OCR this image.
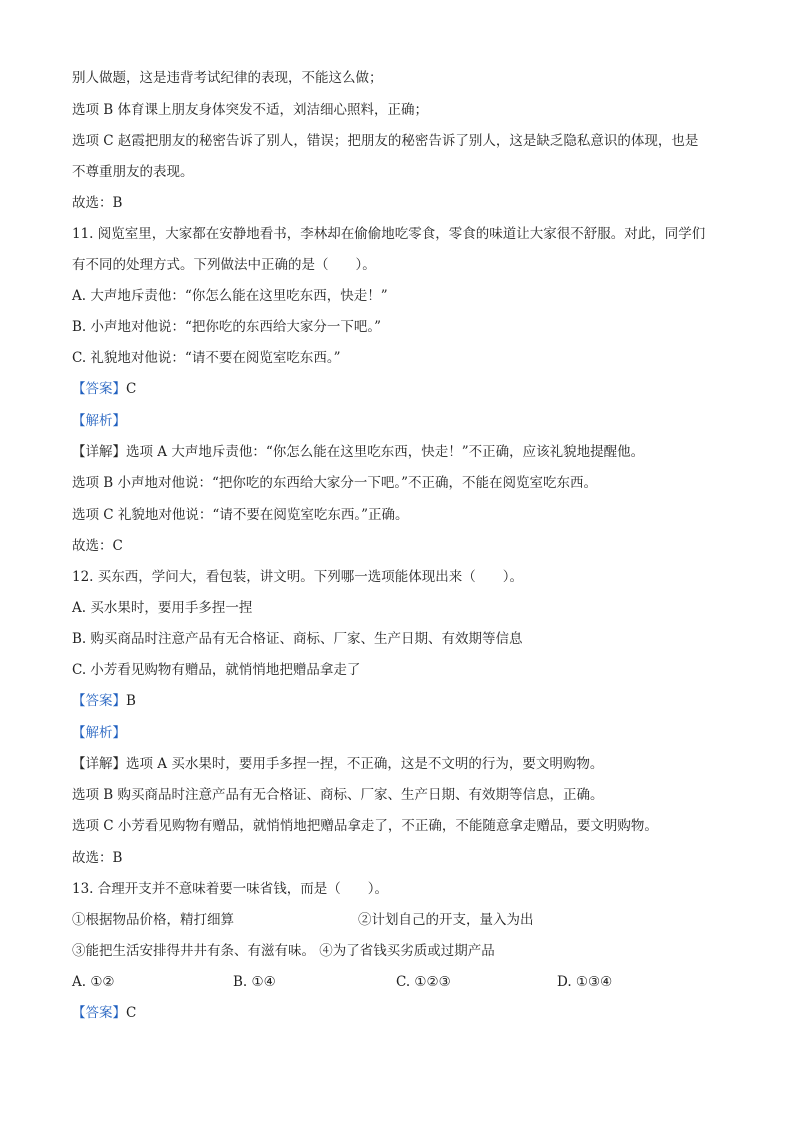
别人做题，这是违背考试纪律的表现，不能这么做；
选项 B 体育课上朋友身体突发不适，刘洁细心照料，正确；
选项 C 赵霞把朋友的秘密告诉了别人，错误；把朋友的秘密告诉了别人，这是缺乏隐私意识的体现，也是
不尊重朋友的表现。
故选：B
11. 阅览室里，大家都在安静地看书，李林却在偷偷地吃零食，零食的味道让大家很不舒服。对此，同学们
有不同的处理方式。下列做法中正确的是（　　）。
A. 大声地斥责他：“你怎么能在这里吃东西，快走！”
B. 小声地对他说：“把你吃的东西给大家分一下吧。”
C. 礼貌地对他说：“请不要在阅览室吃东西。”
【答案】C
【解析】
【详解】选项 A 大声地斥责他：“你怎么能在这里吃东西，快走！”不正确，应该礼貌地提醒他。
选项 B 小声地对他说：“把你吃的东西给大家分一下吧。”不正确，不能在阅览室吃东西。
选项 C 礼貌地对他说：“请不要在阅览室吃东西。”正确。
故选：C
12. 买东西，学问大，看包装，讲文明。下列哪一选项能体现出来（　　）。
A. 买水果时，要用手多捏一捏
B. 购买商品时注意产品有无合格证、商标、厂家、生产日期、有效期等信息
C. 小芳看见购物有赠品，就悄悄地把赠品拿走了
【答案】B
【解析】
【详解】选项 A 买水果时，要用手多捏一捏，不正确，这是不文明的行为，要文明购物。
选项 B 购买商品时注意产品有无合格证、商标、厂家、生产日期、有效期等信息，正确。
选项 C 小芳看见购物有赠品，就悄悄地把赠品拿走了，不正确，不能随意拿走赠品，要文明购物。
故选：B
13. 合理开支并不意味着要一味省钱，而是（　　）。
①根据物品价格，精打细算	②计划自己的开支，量入为出
③能把生活安排得井井有条、有滋有味。 ④为了省钱买劣质或过期产品
A. ①②	B. ①④	C. ①②③	D. ①③④
【答案】C
